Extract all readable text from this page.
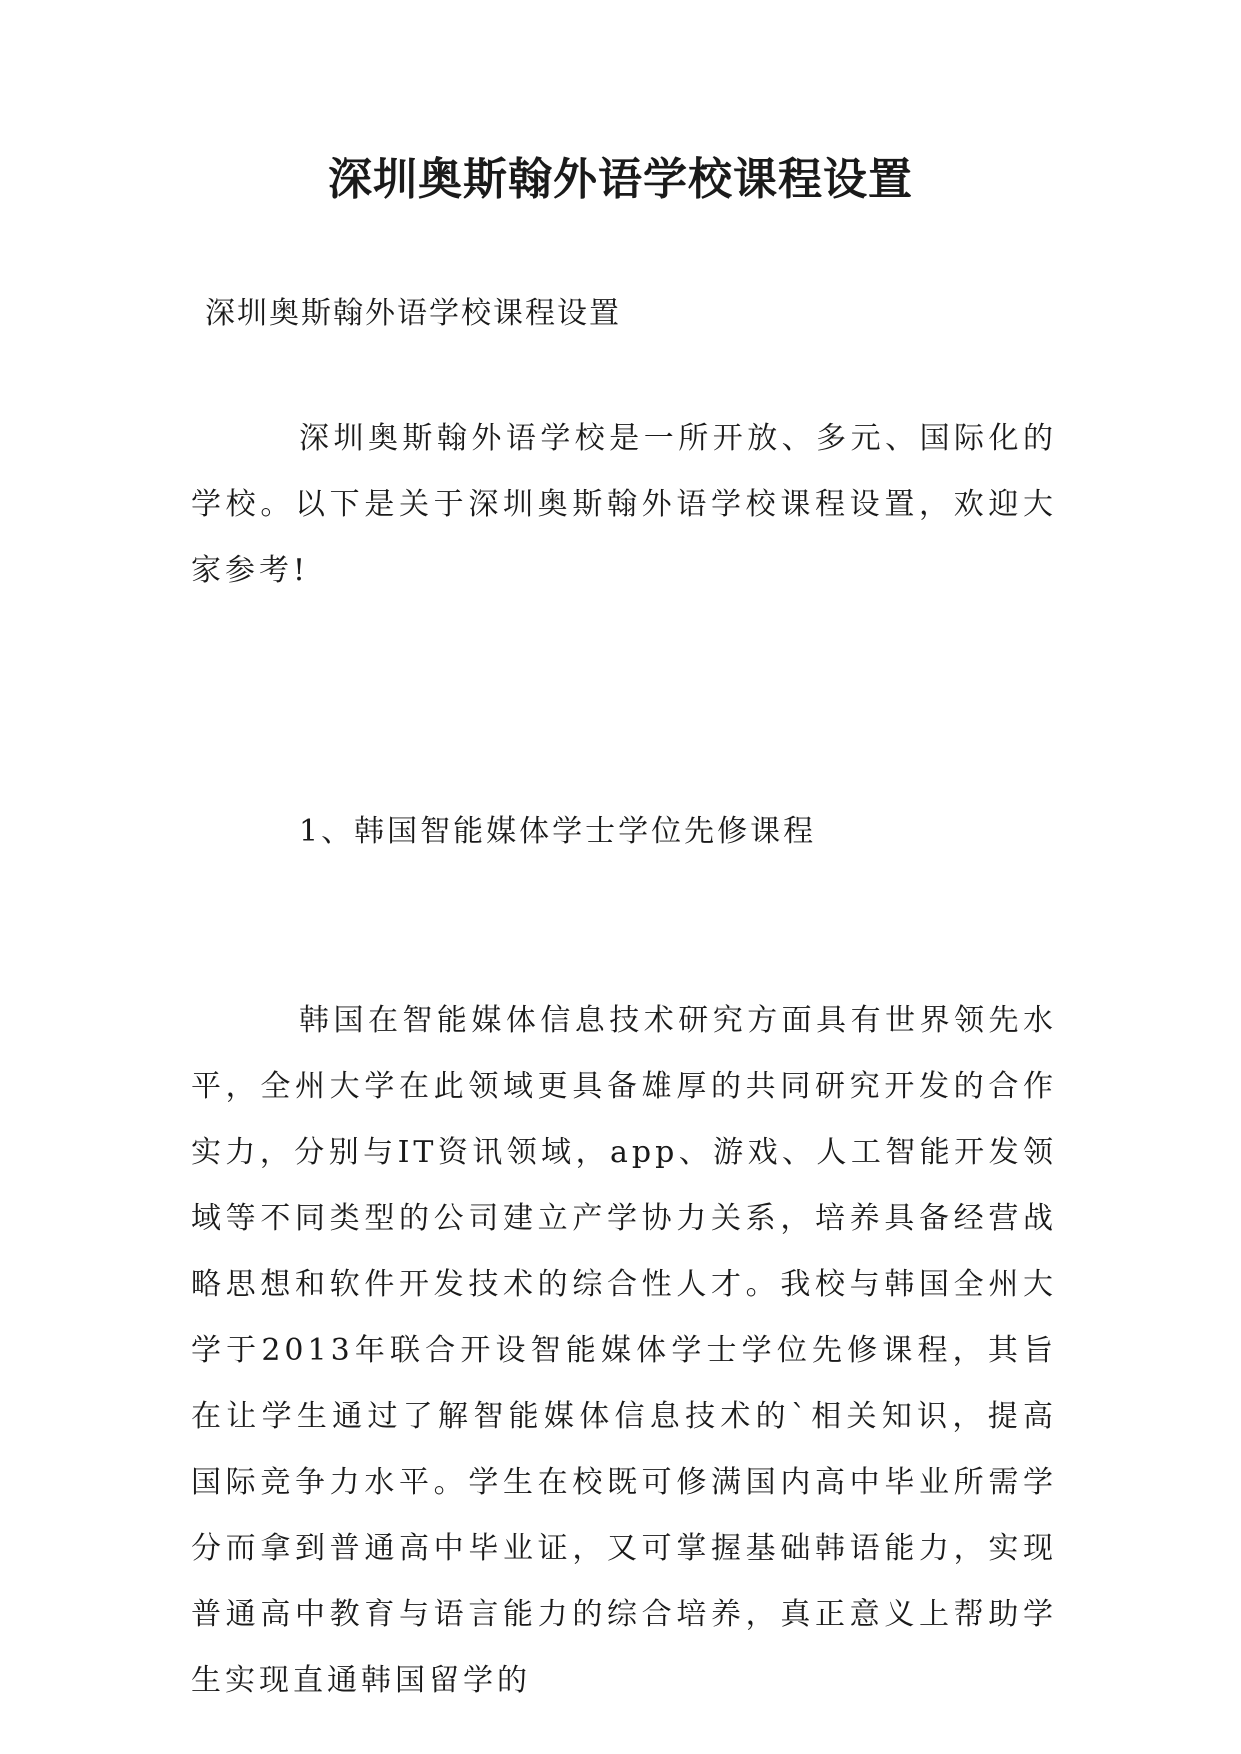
深圳奥斯翰外语学校课程设置
深圳奥斯翰外语学校课程设置
深圳奥斯翰外语学校是一所开放、多元、国际化的学校。以下是关于深圳奥斯翰外语学校课程设置，欢迎大家参考!
1、韩国智能媒体学士学位先修课程
韩国在智能媒体信息技术研究方面具有世界领先水平，全州大学在此领域更具备雄厚的共同研究开发的合作实力，分别与IT资讯领域，app、游戏、人工智能开发领域等不同类型的公司建立产学协力关系，培养具备经营战略思想和软件开发技术的综合性人才。我校与韩国全州大学于2013年联合开设智能媒体学士学位先修课程，其旨在让学生通过了解智能媒体信息技术的`相关知识，提高国际竞争力水平。学生在校既可修满国内高中毕业所需学分而拿到普通高中毕业证，又可掌握基础韩语能力，实现普通高中教育与语言能力的综合培养，真正意义上帮助学生实现直通韩国留学的
